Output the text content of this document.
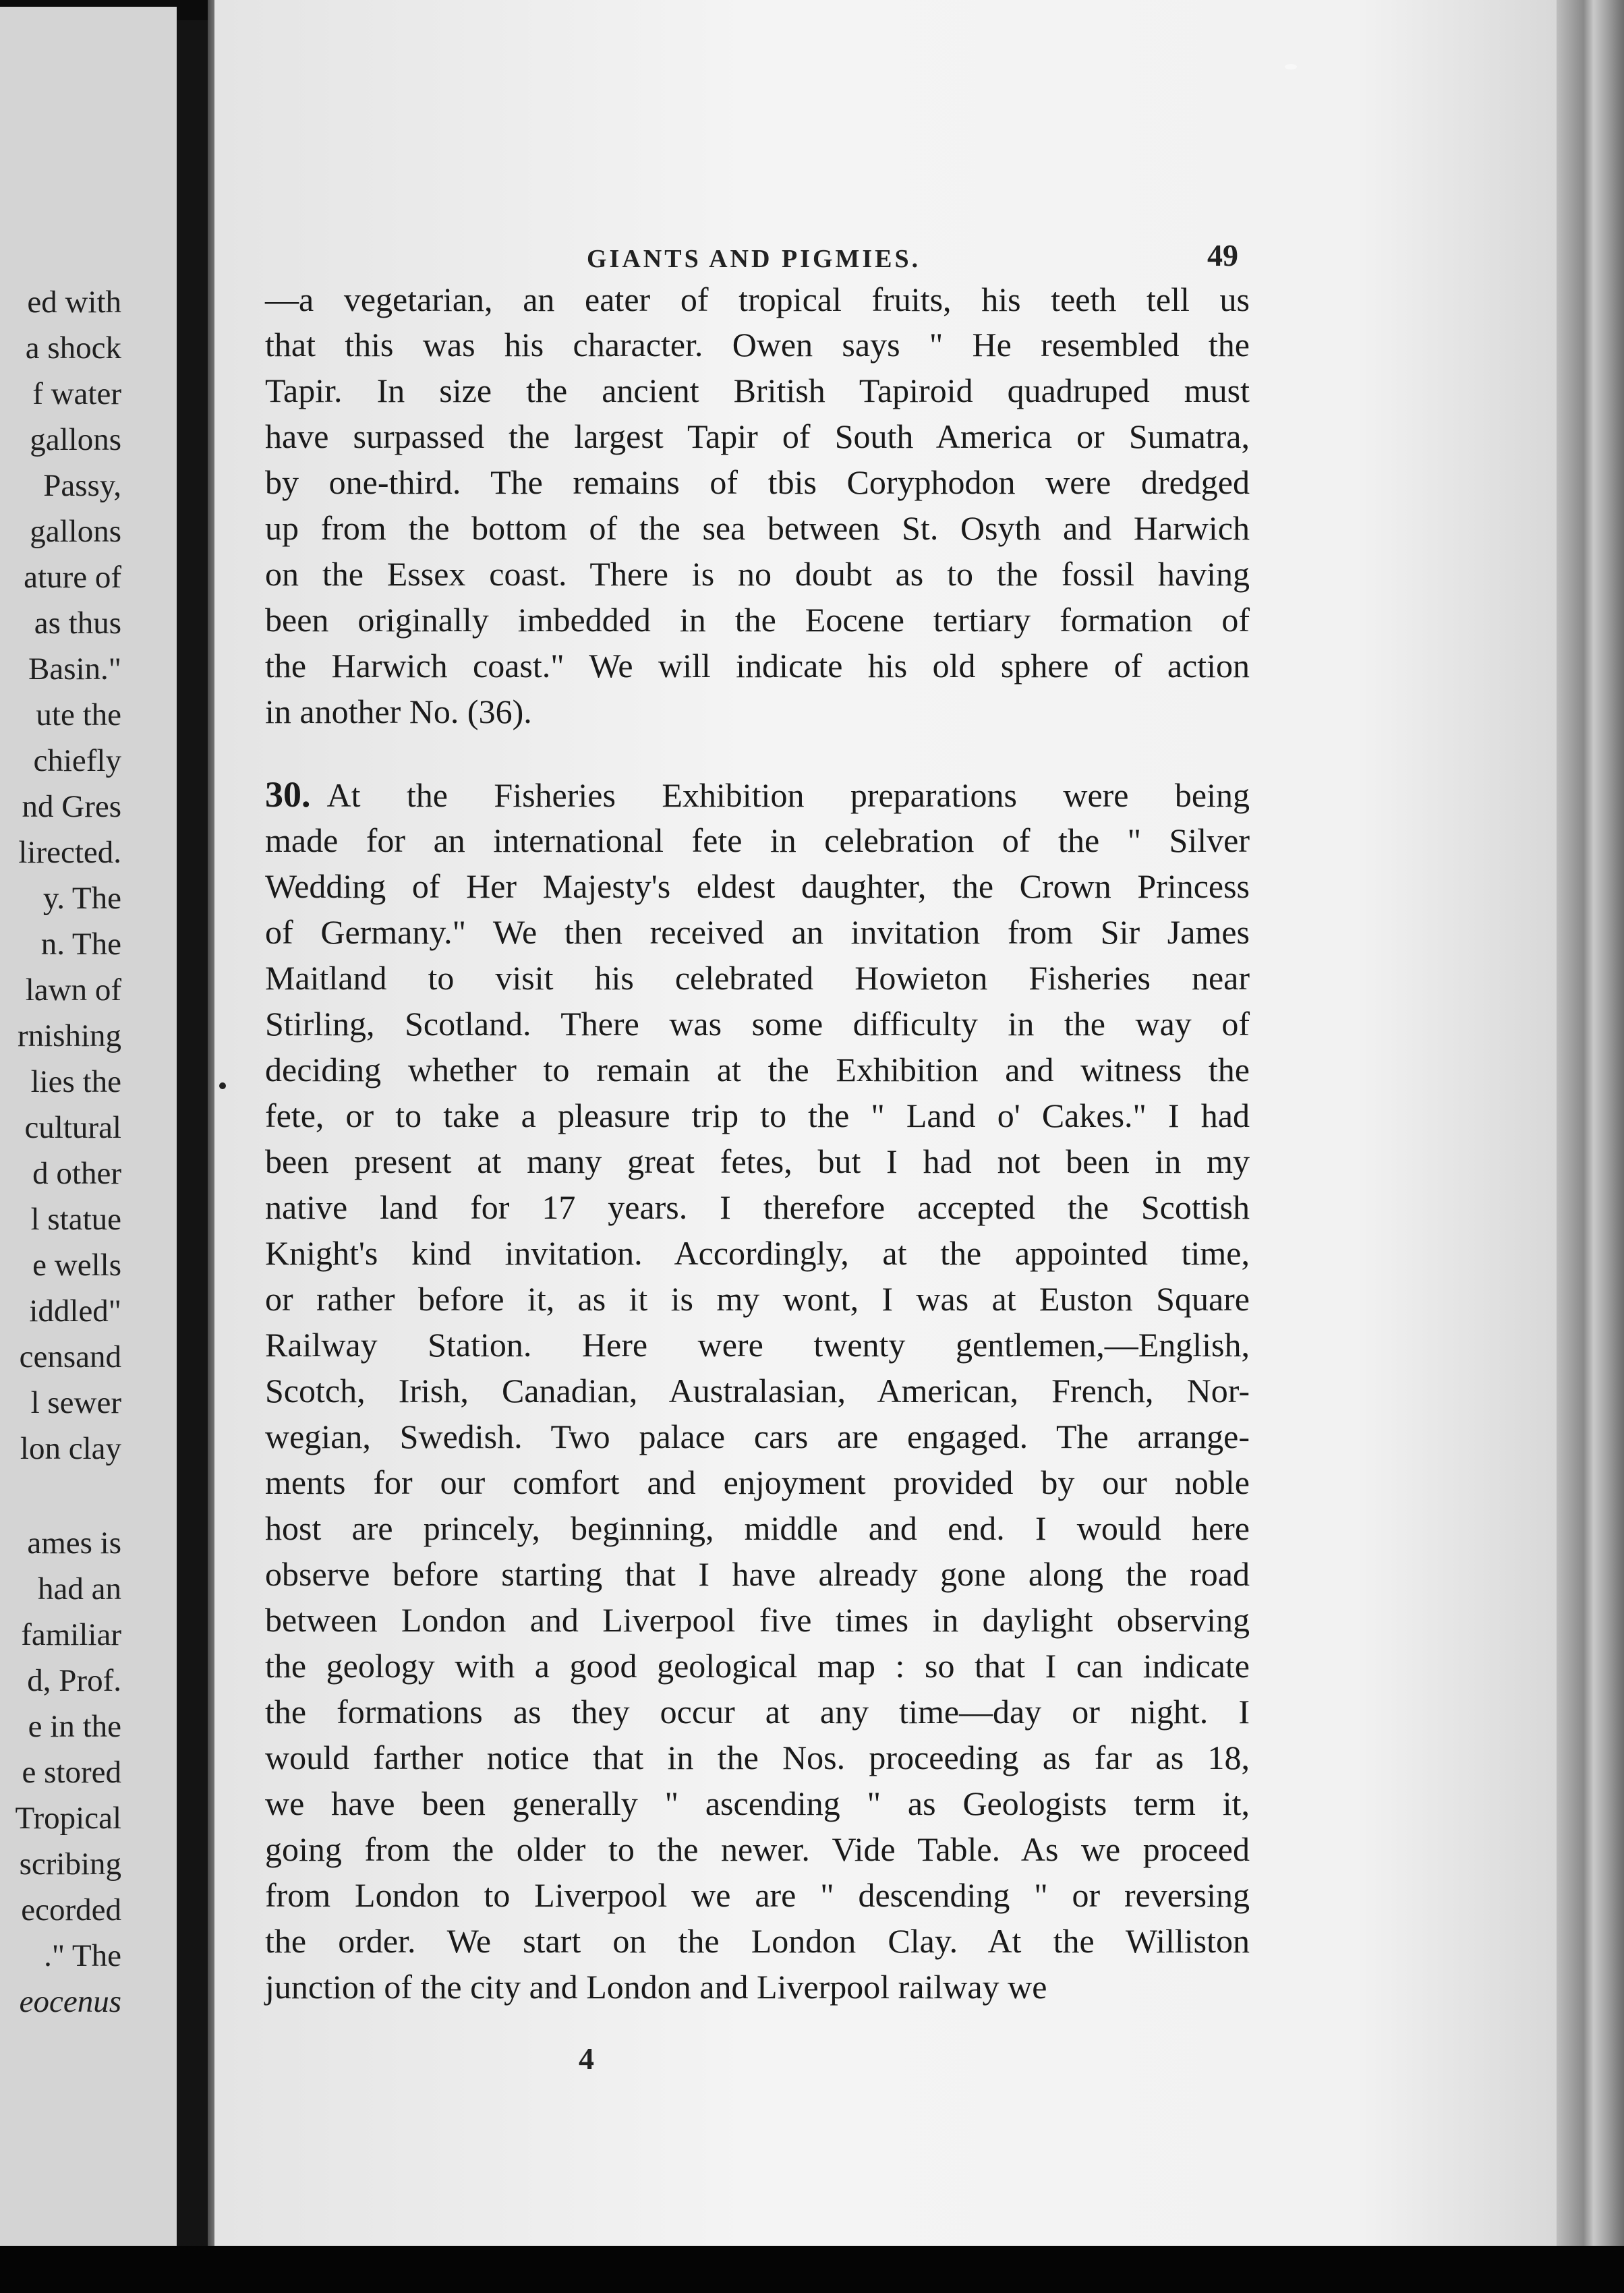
ed with
a shock
f water
gallons
Passy,
gallons
ature of
as thus
Basin."
ute the
chiefly
nd Gres
lirected.
y. The
n. The
lawn of
rnishing
lies the
cultural
d other
l statue
e wells
iddled"
censand
l sewer
lon clay
ames is
had an
familiar
d, Prof.
e in the
e stored
Tropical
scribing
ecorded
." The
eocenus
GIANTS AND PIGMIES.	49
—a vegetarian, an eater of tropical fruits, his teeth tell us
that this was his character. Owen says " He resembled the
Tapir. In size the ancient British Tapiroid quadruped must
have surpassed the largest Tapir of South America or Sumatra,
by one-third. The remains of tbis Coryphodon were dredged
up from the bottom of the sea between St. Osyth and Harwich
on the Essex coast. There is no doubt as to the fossil having
been originally imbedded in the Eocene tertiary formation of
the Harwich coast." We will indicate his old sphere of action
in another No. (36).
30. At the Fisheries Exhibition preparations were being
made for an international fete in celebration of the " Silver
Wedding of Her Majesty's eldest daughter, the Crown Princess
of Germany." We then received an invitation from Sir James
Maitland to visit his celebrated Howieton Fisheries near
Stirling, Scotland. There was some difficulty in the way of
deciding whether to remain at the Exhibition and witness the
fete, or to take a pleasure trip to the " Land o' Cakes." I had
been present at many great fetes, but I had not been in my
native land for 17 years. I therefore accepted the Scottish
Knight's kind invitation. Accordingly, at the appointed time,
or rather before it, as it is my wont, I was at Euston Square
Railway Station. Here were twenty gentlemen,—English,
Scotch, Irish, Canadian, Australasian, American, French, Nor-
wegian, Swedish. Two palace cars are engaged. The arrange-
ments for our comfort and enjoyment provided by our noble
host are princely, beginning, middle and end. I would here
observe before starting that I have already gone along the road
between London and Liverpool five times in daylight observing
the geology with a good geological map : so that I can indicate
the formations as they occur at any time—day or night. I
would farther notice that in the Nos. proceeding as far as 18,
we have been generally " ascending " as Geologists term it,
going from the older to the newer. Vide Table. As we proceed
from London to Liverpool we are " descending " or reversing
the order. We start on the London Clay. At the Williston
junction of the city and London and Liverpool railway we
4
